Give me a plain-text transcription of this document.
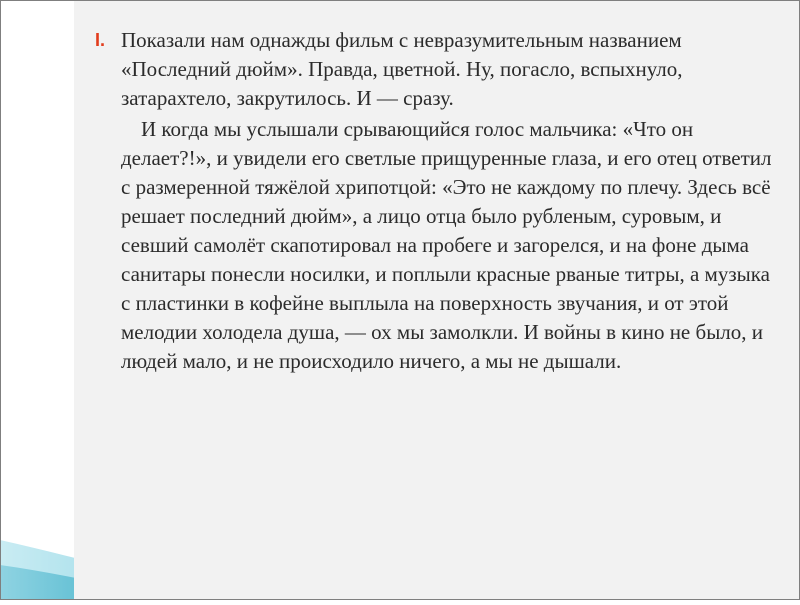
I. Показали нам однажды фильм с невразумительным названием «Последний дюйм». Правда, цветной. Ну, погасло, вспыхнуло, затарахтело, закрутилось. И — сразу.

И когда мы услышали срывающийся голос мальчика: «Что он делает?!», и увидели его светлые прищуренные глаза, и его отец ответил с размеренной тяжёлой хрипотцой: «Это не каждому по плечу. Здесь всё решает последний дюйм», а лицо отца было рубленым, суровым, и севший самолёт скапотировал на пробеге и загорелся, и на фоне дыма санитары понесли носилки, и поплыли красные рваные титры, а музыка с пластинки в кофейне выплыла на поверхность звучания, и от этой мелодии холодела душа, — ох мы замолкли. И войны в кино не было, и людей мало, и не происходило ничего, а мы не дышали.
